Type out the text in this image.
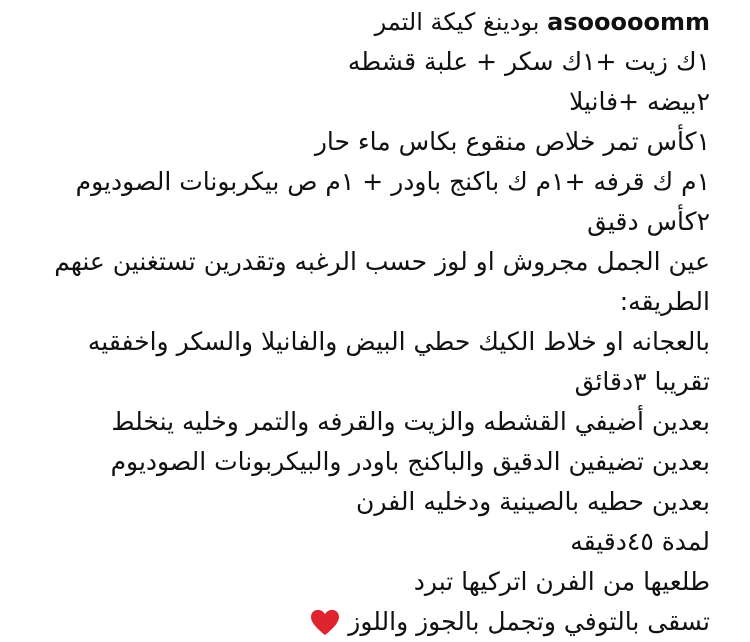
asooooomm بودينغ كيكة التمر
١ك زيت +١ك سكر + علبة قشطه
٢بيضه +فانيلا
١كأس تمر خلاص منقوع بكاس ماء حار
١م ك قرفه +١م ك باكنج باودر + ١م ص بيكربونات الصوديوم
٢كأس دقيق
عين الجمل مجروش او لوز حسب الرغبه وتقدرين تستغنين عنهم
الطريقه:
بالعجانه او خلاط الكيك حطي البيض والفانيلا والسكر واخفقيه
تقريبا ٣دقائق
بعدين أضيفي القشطه والزيت والقرفه والتمر وخليه ينخلط
بعدين تضيفين الدقيق والباكنج باودر والبيكربونات الصوديوم
بعدين حطيه بالصينية ودخليه الفرن
لمدة ٤٥دقيقه
طلعيها من الفرن اتركيها تبرد
تسقى بالتوفي وتجمل بالجوز واللوز
